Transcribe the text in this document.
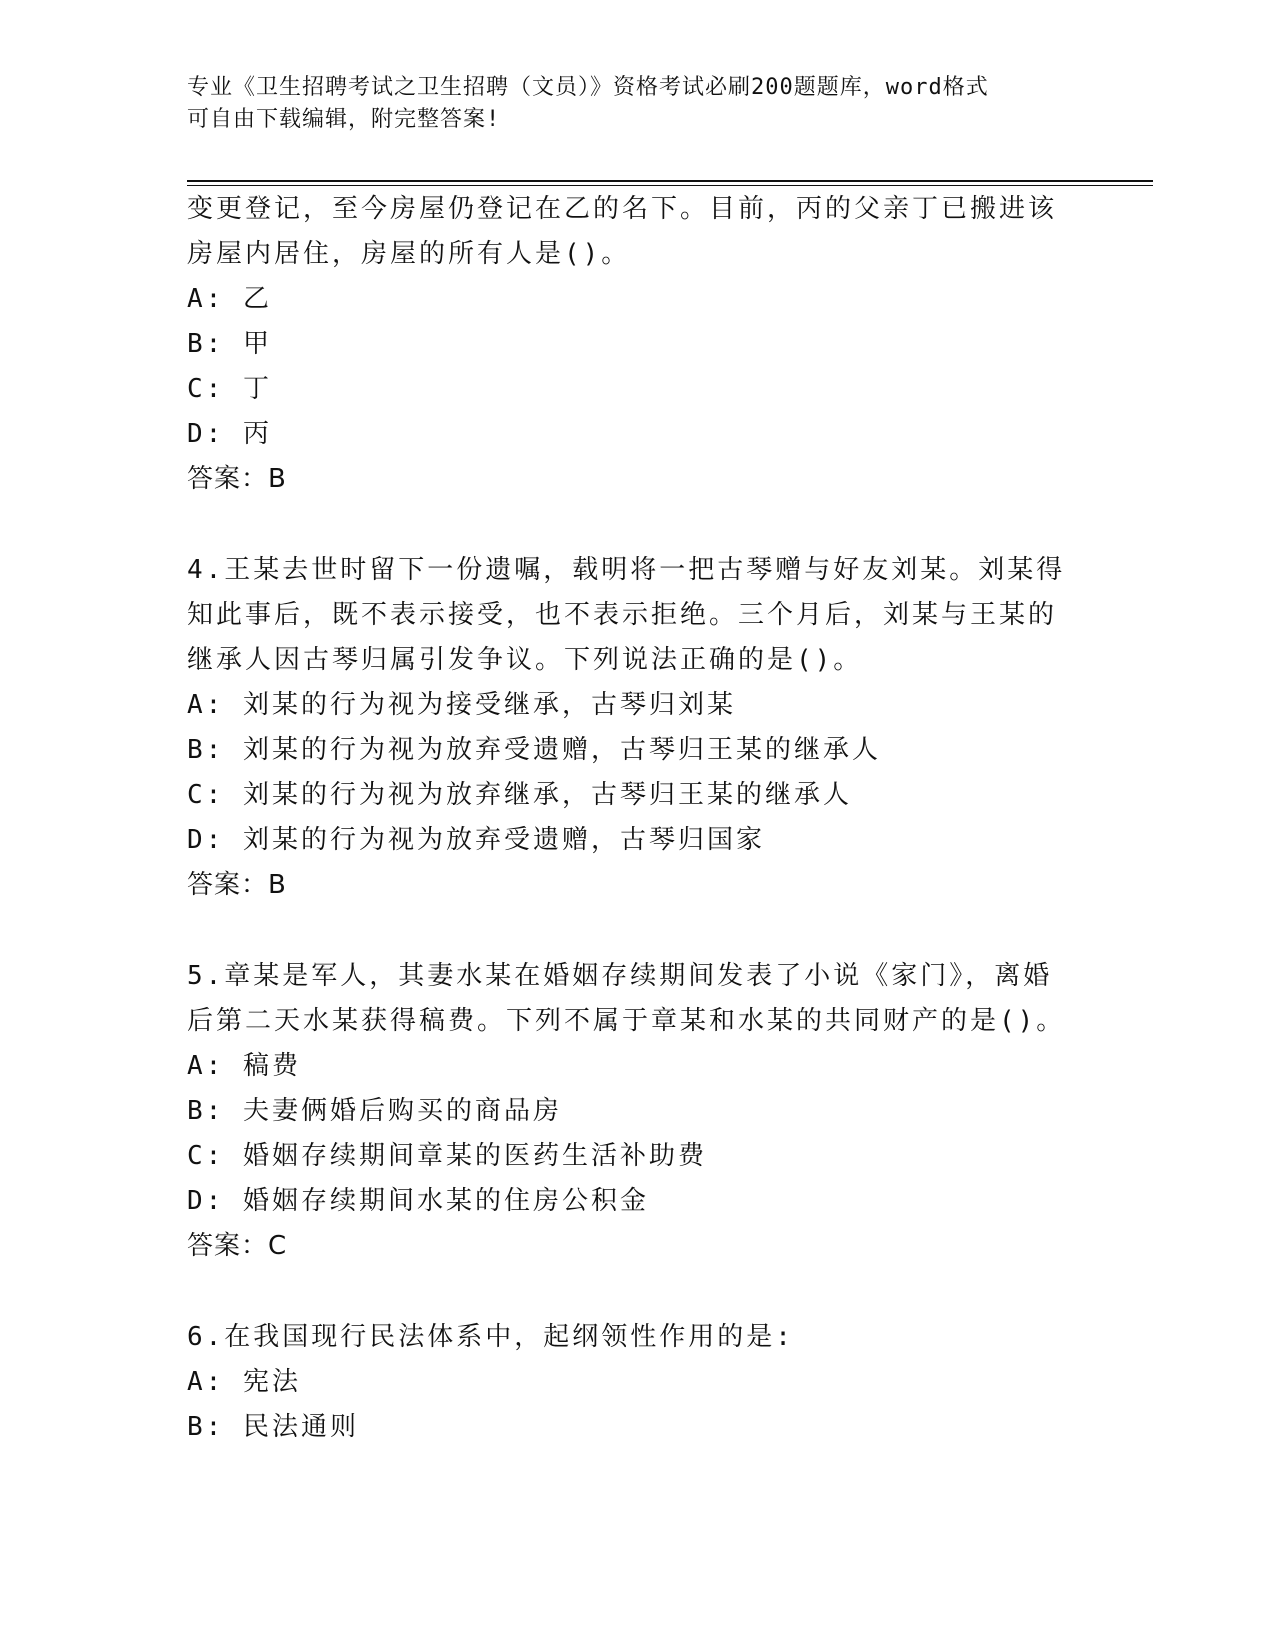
专业《卫生招聘考试之卫生招聘（文员）》资格考试必刷200题题库，word格式
可自由下载编辑，附完整答案!
变更登记，至今房屋仍登记在乙的名下。目前，丙的父亲丁已搬进该
房屋内居住，房屋的所有人是()。
A: 乙
B: 甲
C: 丁
D: 丙
答案：B
4.王某去世时留下一份遗嘱，载明将一把古琴赠与好友刘某。刘某得
知此事后，既不表示接受，也不表示拒绝。三个月后，刘某与王某的
继承人因古琴归属引发争议。下列说法正确的是()。
A: 刘某的行为视为接受继承，古琴归刘某
B: 刘某的行为视为放弃受遗赠，古琴归王某的继承人
C: 刘某的行为视为放弃继承，古琴归王某的继承人
D: 刘某的行为视为放弃受遗赠，古琴归国家
答案：B
5.章某是军人，其妻水某在婚姻存续期间发表了小说《家门》，离婚
后第二天水某获得稿费。下列不属于章某和水某的共同财产的是()。
A: 稿费
B: 夫妻俩婚后购买的商品房
C: 婚姻存续期间章某的医药生活补助费
D: 婚姻存续期间水某的住房公积金
答案：C
6.在我国现行民法体系中，起纲领性作用的是:
A: 宪法
B: 民法通则
